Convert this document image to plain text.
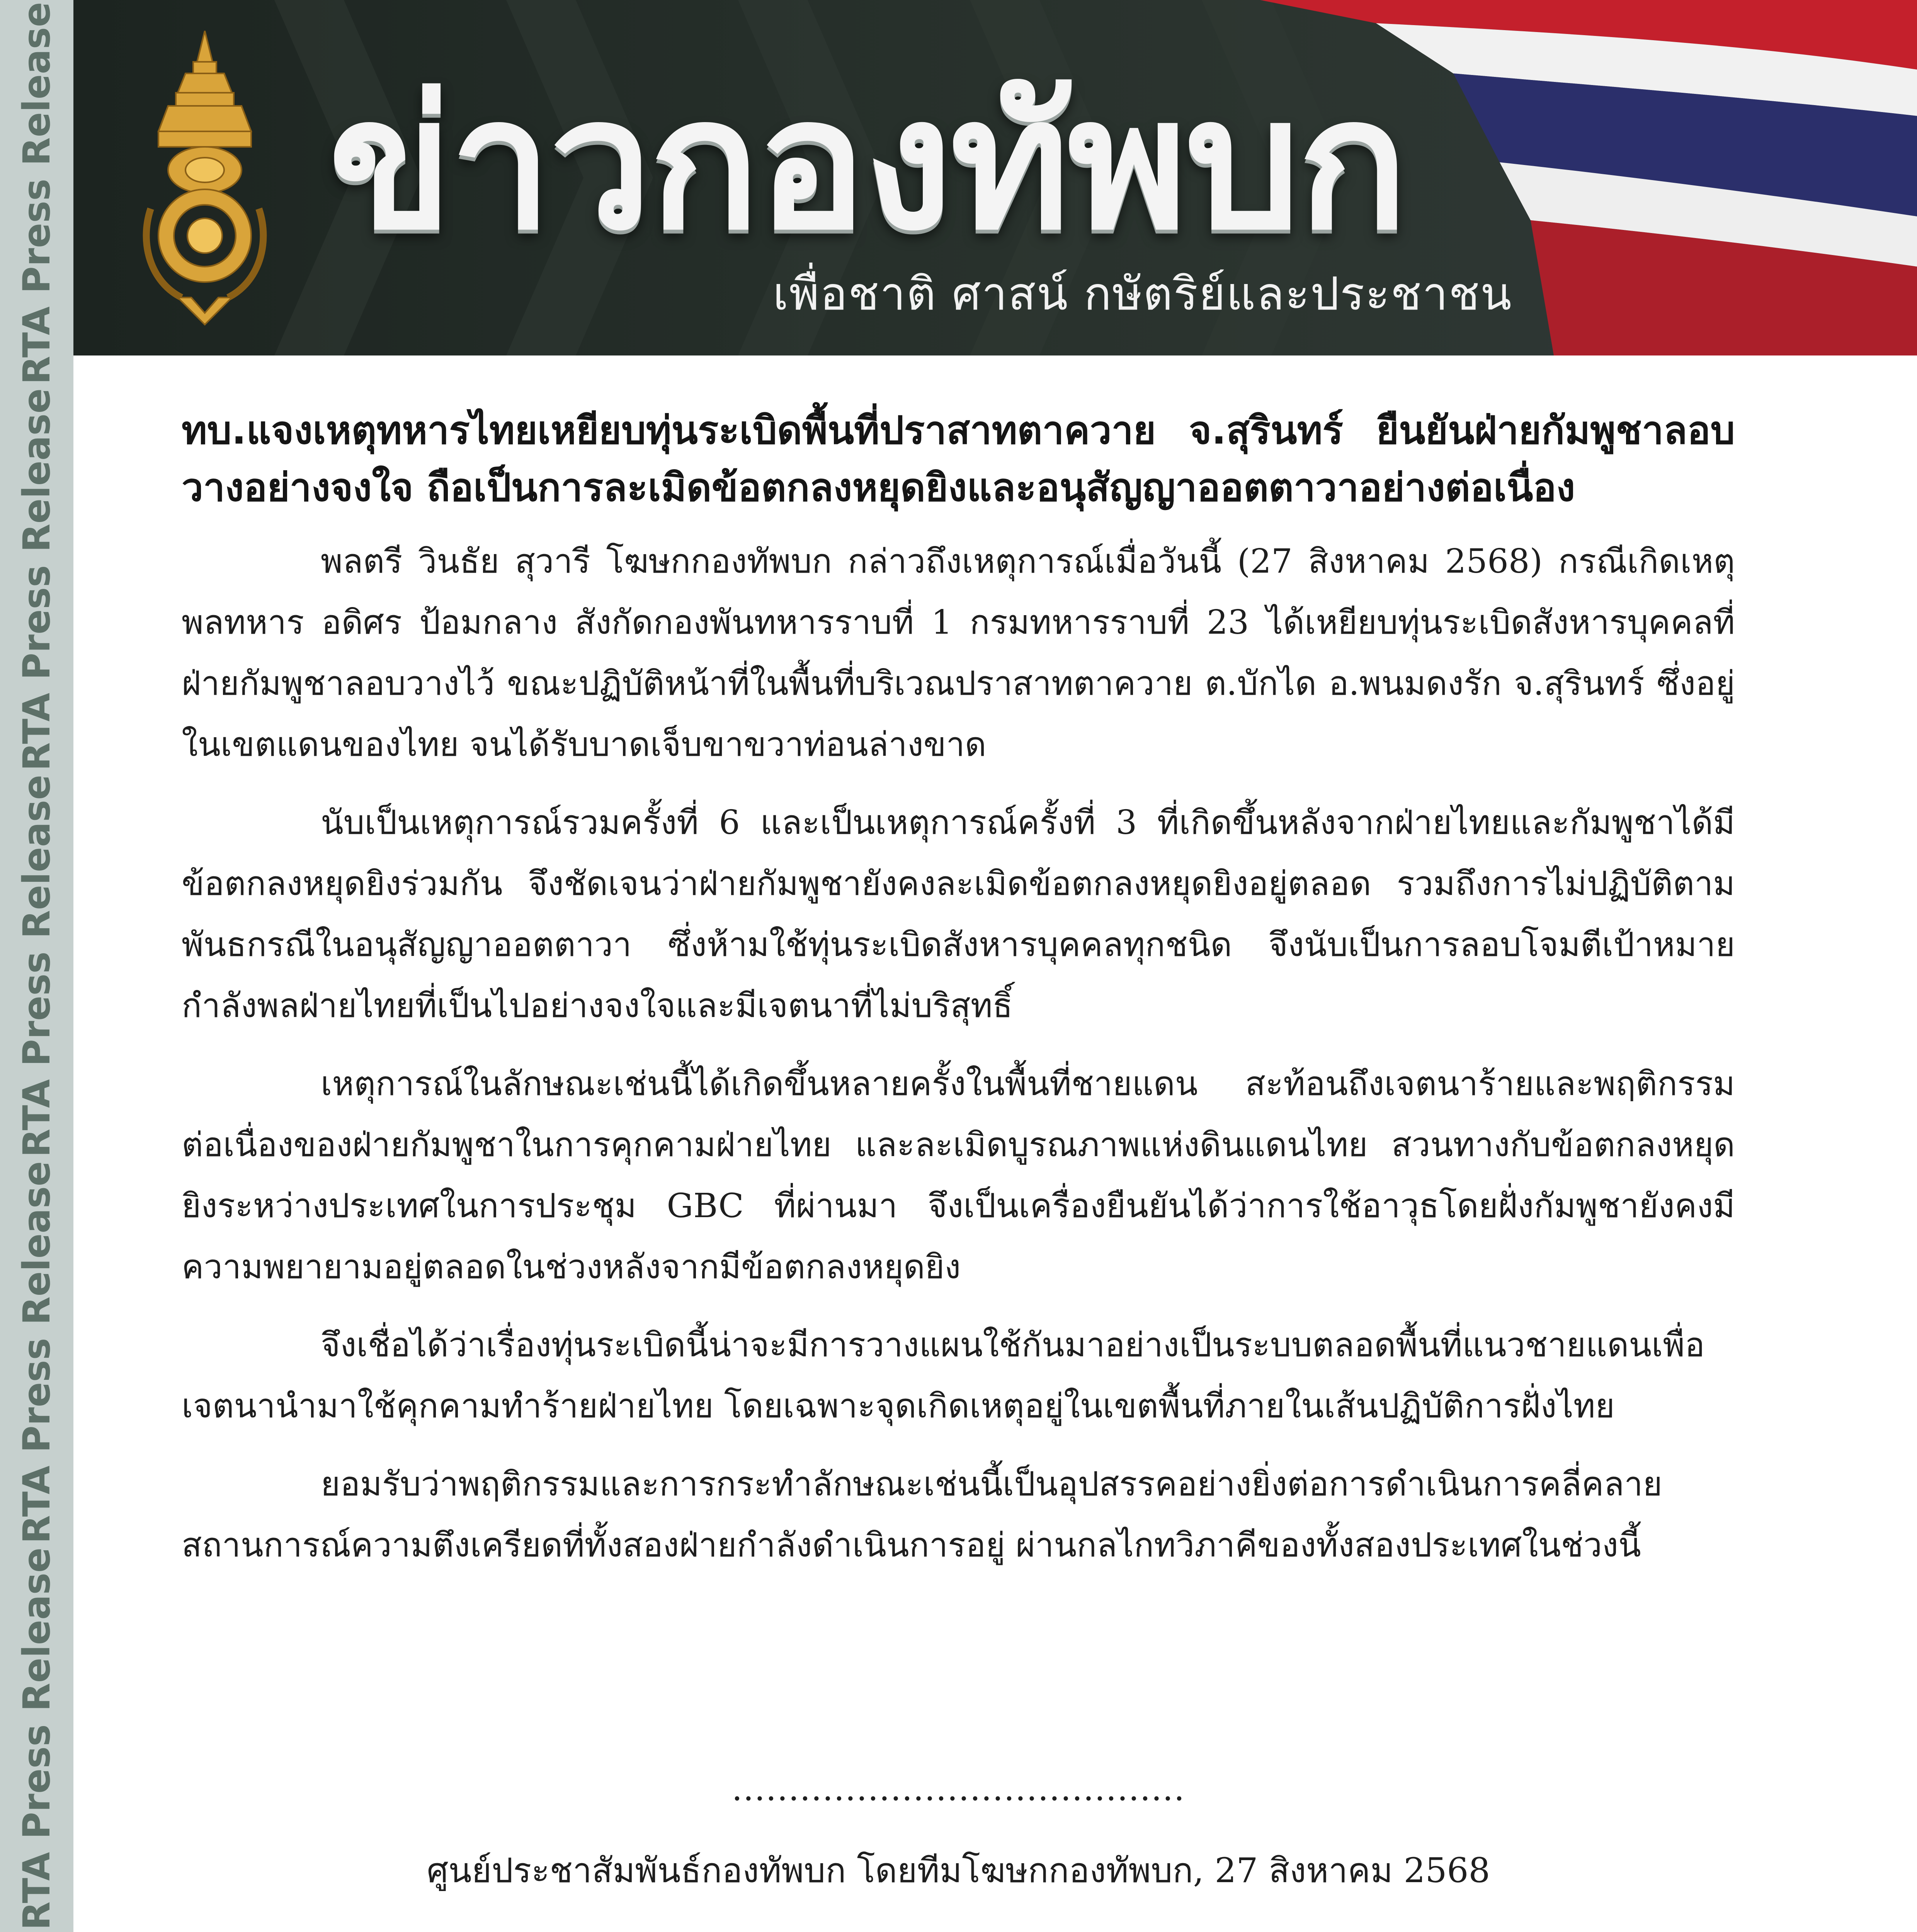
RTA Press Release
RTA Press Release
RTA Press Release
RTA Press Release
RTA Press Release
ข่าวกองทัพบก
เพื่อชาติ ศาสน์ กษัตริย์และประชาชน
ทบ.แจงเหตุทหารไทยเหยียบทุ่นระเบิดพื้นที่ปราสาทตาควาย จ.สุรินทร์ ยืนยันฝ่ายกัมพูชาลอบวางอย่างจงใจ ถือเป็นการละเมิดข้อตกลงหยุดยิงและอนุสัญญาออตตาวาอย่างต่อเนื่อง

พลตรี วินธัย สุวารี โฆษกกองทัพบก กล่าวถึงเหตุการณ์เมื่อวันนี้ (27 สิงหาคม 2568) กรณีเกิดเหตุพลทหาร อดิศร ป้อมกลาง สังกัดกองพันทหารราบที่ 1 กรมทหารราบที่ 23 ได้เหยียบทุ่นระเบิดสังหารบุคคลที่ฝ่ายกัมพูชาลอบวางไว้ ขณะปฏิบัติหน้าที่ในพื้นที่บริเวณปราสาทตาควาย ต.บักได อ.พนมดงรัก จ.สุรินทร์ ซึ่งอยู่ในเขตแดนของไทย จนได้รับบาดเจ็บขาขวาท่อนล่างขาด

นับเป็นเหตุการณ์รวมครั้งที่ 6 และเป็นเหตุการณ์ครั้งที่ 3 ที่เกิดขึ้นหลังจากฝ่ายไทยและกัมพูชาได้มีข้อตกลงหยุดยิงร่วมกัน จึงชัดเจนว่าฝ่ายกัมพูชายังคงละเมิดข้อตกลงหยุดยิงอยู่ตลอด รวมถึงการไม่ปฏิบัติตามพันธกรณีในอนุสัญญาออตตาวา ซึ่งห้ามใช้ทุ่นระเบิดสังหารบุคคลทุกชนิด จึงนับเป็นการลอบโจมตีเป้าหมายกำลังพลฝ่ายไทยที่เป็นไปอย่างจงใจและมีเจตนาที่ไม่บริสุทธิ์

เหตุการณ์ในลักษณะเช่นนี้ได้เกิดขึ้นหลายครั้งในพื้นที่ชายแดน สะท้อนถึงเจตนาร้ายและพฤติกรรมต่อเนื่องของฝ่ายกัมพูชาในการคุกคามฝ่ายไทย และละเมิดบูรณภาพแห่งดินแดนไทย สวนทางกับข้อตกลงหยุดยิงระหว่างประเทศในการประชุม GBC ที่ผ่านมา จึงเป็นเครื่องยืนยันได้ว่าการใช้อาวุธโดยฝั่งกัมพูชายังคงมีความพยายามอยู่ตลอดในช่วงหลังจากมีข้อตกลงหยุดยิง

จึงเชื่อได้ว่าเรื่องทุ่นระเบิดนี้น่าจะมีการวางแผนใช้กันมาอย่างเป็นระบบตลอดพื้นที่แนวชายแดนเพื่อเจตนานำมาใช้คุกคามทำร้ายฝ่ายไทย โดยเฉพาะจุดเกิดเหตุอยู่ในเขตพื้นที่ภายในเส้นปฏิบัติการฝั่งไทย

ยอมรับว่าพฤติกรรมและการกระทำลักษณะเช่นนี้เป็นอุปสรรคอย่างยิ่งต่อการดำเนินการคลี่คลายสถานการณ์ความตึงเครียดที่ทั้งสองฝ่ายกำลังดำเนินการอยู่ ผ่านกลไกทวิภาคีของทั้งสองประเทศในช่วงนี้

........................................
ศูนย์ประชาสัมพันธ์กองทัพบก โดยทีมโฆษกกองทัพบก, 27 สิงหาคม 2568
